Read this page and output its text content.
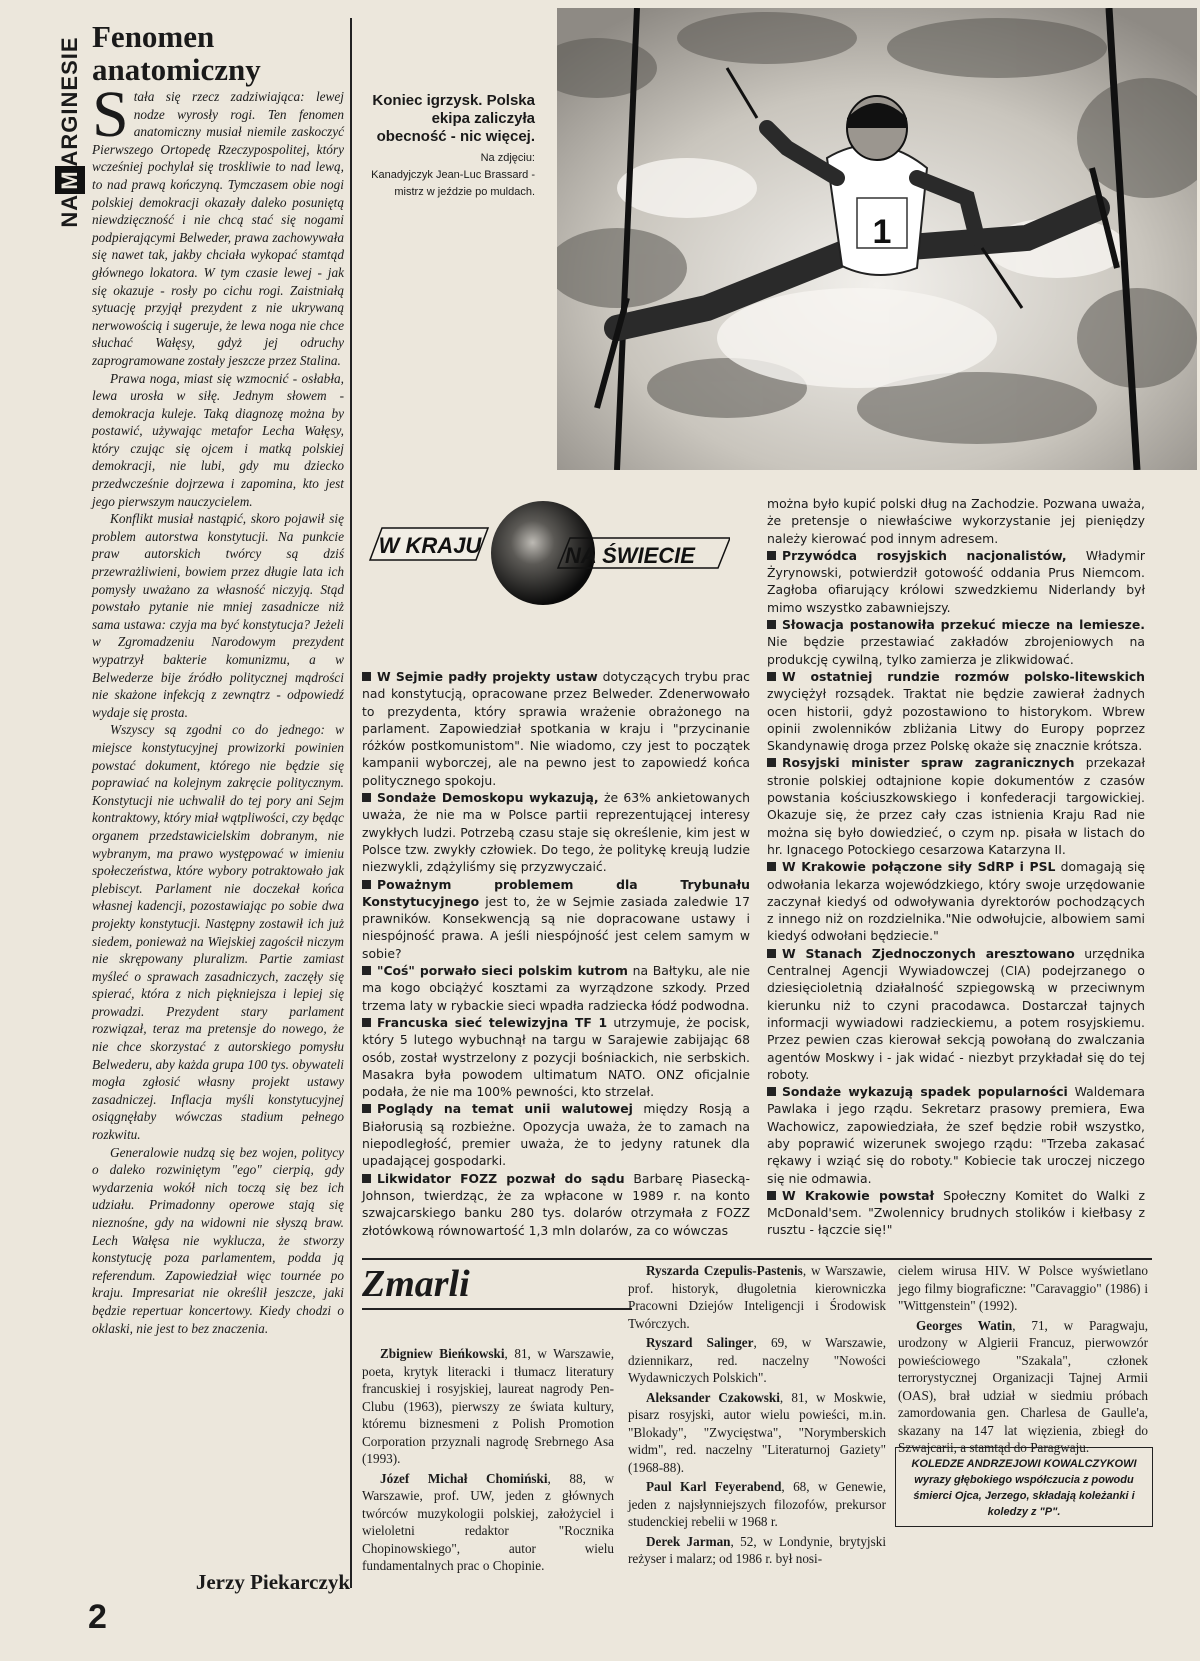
NAMARGINESIE Fenomen anatomiczny

Stała się rzecz zadziwiająca: lewej nodze wyrosły rogi. Ten fenomen anatomiczny musiał niemile zaskoczyć Pierwszego Ortopedę Rzeczypospolitej, który wcześniej pochylał się troskliwie to nad lewą, to nad prawą kończyną. Tymczasem obie nogi polskiej demokracji okazały daleko posuniętą niewdzięczność i nie chcą stać się nogami podpierającymi Belweder, prawa zachowywała się nawet tak, jakby chciała wykopać stamtąd głównego lokatora. W tym czasie lewej - jak się okazuje - rosły po cichu rogi. Zaistniałą sytuację przyjął prezydent z nie ukrywaną nerwowością i sugeruje, że lewa noga nie chce słuchać Wałęsy, gdyż jej odruchy zaprogramowane zostały jeszcze przez Stalina.

Prawa noga, miast się wzmocnić - osłabła, lewa urosła w siłę. Jednym słowem - demokracja kuleje. Taką diagnozę można by postawić, używając metafor Lecha Wałęsy, który czując się ojcem i matką polskiej demokracji, nie lubi, gdy mu dziecko przedwcześnie dojrzewa i zapomina, kto jest jego pierwszym nauczycielem.

Konflikt musiał nastąpić, skoro pojawił się problem autorstwa konstytucji. Na punkcie praw autorskich twórcy są dziś przewrażliwieni, bowiem przez długie lata ich pomysły uważano za własność niczyją. Stąd powstało pytanie nie mniej zasadnicze niż sama ustawa: czyja ma być konstytucja? Jeżeli w Zgromadzeniu Narodowym prezydent wypatrzył bakterie komunizmu, a w Belwederze bije źródło politycznej mądrości nie skażone infekcją z zewnątrz - odpowiedź wydaje się prosta.

Wszyscy są zgodni co do jednego: w miejsce konstytucyjnej prowizorki powinien powstać dokument, którego nie będzie się poprawiać na kolejnym zakręcie politycznym. Konstytucji nie uchwalił do tej pory ani Sejm kontraktowy, który miał wątpliwości, czy będąc organem przedstawicielskim dobranym, nie wybranym, ma prawo występować w imieniu społeczeństwa, które wybory potraktowało jak plebiscyt. Parlament nie doczekał końca własnej kadencji, pozostawiając po sobie dwa projekty konstytucji. Następny zostawił ich już siedem, ponieważ na Wiejskiej zagościł niczym nie skrępowany pluralizm. Partie zamiast myśleć o sprawach zasadniczych, zaczęły się spierać, która z nich piękniejsza i lepiej się prowadzi. Prezydent stary parlament rozwiązał, teraz ma pretensje do nowego, że nie chce skorzystać z autorskiego pomysłu Belwederu, aby każda grupa 100 tys. obywateli mogła zgłosić własny projekt ustawy zasadniczej. Inflacja myśli konstytucyjnej osiągnęłaby wówczas stadium pełnego rozkwitu.

Generalowie nudzą się bez wojen, politycy o daleko rozwiniętym "ego" cierpią, gdy wydarzenia wokół nich toczą się bez ich udziału. Primadonny operowe stają się nieznośne, gdy na widowni nie słyszą braw. Lech Wałęsa nie wyklucza, że stworzy konstytucję poza parlamentem, podda ją referendum. Zapowiedział więc tournée po kraju. Impresariat nie określił jeszcze, jaki będzie repertuar koncertowy. Kiedy chodzi o oklaski, nie jest to bez znaczenia.

Jerzy Piekarczyk
2
1

Koniec igrzysk. Polska ekipa zaliczyła obecność - nic więcej.

Na zdjęciu:
Kanadyjczyk Jean-Luc Brassard - mistrz w jeździe po muldach.
W KRAJU	NA ŚWIECIE

W Sejmie padły projekty ustaw dotyczących trybu prac nad konstytucją, opracowane przez Belweder. Zdenerwowało to prezydenta, który sprawia wrażenie obrażonego na parlament. Zapowiedział spotkania w kraju i "przycinanie różków postkomunistom". Nie wiadomo, czy jest to początek kampanii wyborczej, ale na pewno jest to zapowiedź końca politycznego spokoju.

Sondaże Demoskopu wykazują, że 63% ankietowanych uważa, że nie ma w Polsce partii reprezentującej interesy zwykłych ludzi. Potrzebą czasu staje się określenie, kim jest w Polsce tzw. zwykły człowiek. Do tego, że politykę kreują ludzie niezwykli, zdążyliśmy się przyzwyczaić.

Poważnym problemem dla Trybunału Konstytucyjnego jest to, że w Sejmie zasiada zaledwie 17 prawników. Konsekwencją są nie dopracowane ustawy i niespójność prawa. A jeśli niespójność jest celem samym w sobie?

"Coś" porwało sieci polskim kutrom na Bałtyku, ale nie ma kogo obciążyć kosztami za wyrządzone szkody. Przed trzema laty w rybackie sieci wpadła radziecka łódź podwodna.

Francuska sieć telewizyjna TF 1 utrzymuje, że pocisk, który 5 lutego wybuchnął na targu w Sarajewie zabijając 68 osób, został wystrzelony z pozycji bośniackich, nie serbskich. Masakra była powodem ultimatum NATO. ONZ oficjalnie podała, że nie ma 100% pewności, kto strzelał.

Poglądy na temat unii walutowej między Rosją a Białorusią są rozbieżne. Opozycja uważa, że to zamach na niepodległość, premier uważa, że to jedyny ratunek dla upadającej gospodarki.

Likwidator FOZZ pozwał do sądu Barbarę Piasecką-Johnson, twierdząc, że za wpłacone w 1989 r. na konto szwajcarskiego banku 280 tys. dolarów otrzymała z FOZZ złotówkową równowartość 1,3 mln dolarów, za co wówczas

można było kupić polski dług na Zachodzie. Pozwana uważa, że pretensje o niewłaściwe wykorzystanie jej pieniędzy należy kierować pod innym adresem.

Przywódca rosyjskich nacjonalistów, Władymir Żyrynowski, potwierdził gotowość oddania Prus Niemcom. Zagłoba ofiarujący królowi szwedzkiemu Niderlandy był mimo wszystko zabawniejszy.

Słowacja postanowiła przekuć miecze na lemiesze. Nie będzie przestawiać zakładów zbrojeniowych na produkcję cywilną, tylko zamierza je zlikwidować.

W ostatniej rundzie rozmów polsko-litewskich zwyciężył rozsądek. Traktat nie będzie zawierał żadnych ocen historii, gdyż pozostawiono to historykom. Wbrew opinii zwolenników zbliżania Litwy do Europy poprzez Skandynawię droga przez Polskę okaże się znacznie krótsza.

Rosyjski minister spraw zagranicznych przekazał stronie polskiej odtajnione kopie dokumentów z czasów powstania kościuszkowskiego i konfederacji targowickiej. Okazuje się, że przez cały czas istnienia Kraju Rad nie można się było dowiedzieć, o czym np. pisała w listach do hr. Ignacego Potockiego cesarzowa Katarzyna II.

W Krakowie połączone siły SdRP i PSL domagają się odwołania lekarza wojewódzkiego, który swoje urzędowanie zaczynał kiedyś od odwoływania dyrektorów pochodzących z innego niż on rozdzielnika."Nie odwołujcie, albowiem sami kiedyś odwołani będziecie."

W Stanach Zjednoczonych aresztowano urzędnika Centralnej Agencji Wywiadowczej (CIA) podejrzanego o dziesięcioletnią działalność szpiegowską w przeciwnym kierunku niż to czyni pracodawca. Dostarczał tajnych informacji wywiadowi radzieckiemu, a potem rosyjskiemu. Przez pewien czas kierował sekcją powołaną do zwalczania agentów Moskwy i - jak widać - niezbyt przykładał się do tej roboty.

Sondaże wykazują spadek popularności Waldemara Pawlaka i jego rządu. Sekretarz prasowy premiera, Ewa Wachowicz, zapowiedziała, że szef będzie robił wszystko, aby poprawić wizerunek swojego rządu: "Trzeba zakasać rękawy i wziąć się do roboty." Kobiecie tak uroczej niczego się nie odmawia.

W Krakowie powstał Społeczny Komitet do Walki z McDonald'sem. "Zwolennicy brudnych stolików i kiełbasy z rusztu - łączcie się!"

Zmarli

Zbigniew Bieńkowski, 81, w Warszawie, poeta, krytyk literacki i tłumacz literatury francuskiej i rosyjskiej, laureat nagrody Pen-Clubu (1963), pierwszy ze świata kultury, któremu biznesmeni z Polish Promotion Corporation przyznali nagrodę Srebrnego Asa (1993).

Józef Michał Chomiński, 88, w Warszawie, prof. UW, jeden z głównych twórców muzykologii polskiej, założyciel i wieloletni redaktor "Rocznika Chopinowskiego", autor wielu fundamentalnych prac o Chopinie.

Ryszarda Czepulis-Pastenis, w Warszawie, prof. historyk, długoletnia kierowniczka Pracowni Dziejów Inteligencji i Środowisk Twórczych.

Ryszard Salinger, 69, w Warszawie, dziennikarz, red. naczelny "Nowości Wydawniczych Polskich".

Aleksander Czakowski, 81, w Moskwie, pisarz rosyjski, autor wielu powieści, m.in. "Blokady", "Zwycięstwa", "Norymberskich widm", red. naczelny "Literaturnoj Gaziety" (1968-88).

Paul Karl Feyerabend, 68, w Genewie, jeden z najsłynniejszych filozofów, prekursor studenckiej rebelii w 1968 r.

Derek Jarman, 52, w Londynie, brytyjski reżyser i malarz; od 1986 r. był nosi-

cielem wirusa HIV. W Polsce wyświetlano jego filmy biograficzne: "Caravaggio" (1986) i "Wittgenstein" (1992).

Georges Watin, 71, w Paragwaju, urodzony w Algierii Francuz, pierwowzór powieściowego "Szakala", członek terrorystycznej Organizacji Tajnej Armii (OAS), brał udział w siedmiu próbach zamordowania gen. Charlesa de Gaulle'a, skazany na 147 lat więzienia, zbiegł do Szwajcarii, a stamtąd do Paragwaju.

KOLEDZE ANDRZEJOWI KOWALCZYKOWI wyrazy głębokiego współczucia z powodu śmierci Ojca, Jerzego, składają koleżanki i koledzy z "P".
